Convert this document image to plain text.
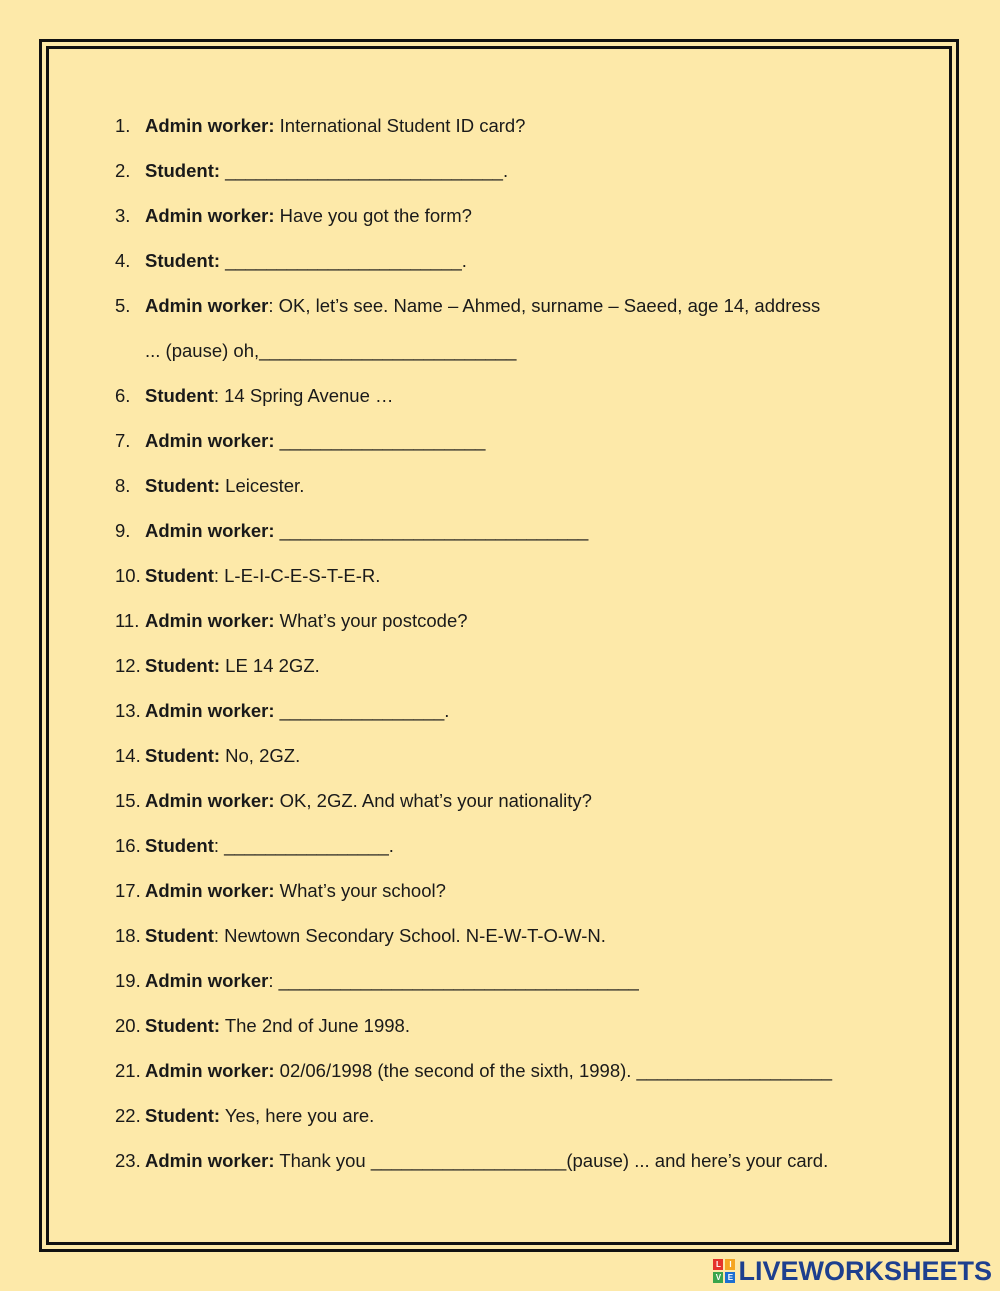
1. Admin worker: International Student ID card?
2. Student: ___________________________.
3. Admin worker: Have you got the form?
4. Student: _______________________.
5. Admin worker: OK, let’s see. Name – Ahmed, surname – Saeed, age 14, address
... (pause) oh,_________________________
6. Student: 14 Spring Avenue …
7. Admin worker: ____________________
8. Student: Leicester.
9. Admin worker: ______________________________
10. Student: L-E-I-C-E-S-T-E-R.
11. Admin worker: What’s your postcode?
12. Student: LE 14 2GZ.
13. Admin worker: ________________.
14. Student: No, 2GZ.
15. Admin worker: OK, 2GZ. And what’s your nationality?
16. Student: ________________.
17. Admin worker: What’s your school?
18. Student: Newtown Secondary School. N-E-W-T-O-W-N.
19. Admin worker: ___________________________________
20. Student: The 2nd of June 1998.
21. Admin worker: 02/06/1998 (the second of the sixth, 1998). ___________________
22. Student: Yes, here you are.
23. Admin worker: Thank you ___________________(pause) ... and here’s your card.
L	I
V E LIVEWORKSHEETS
